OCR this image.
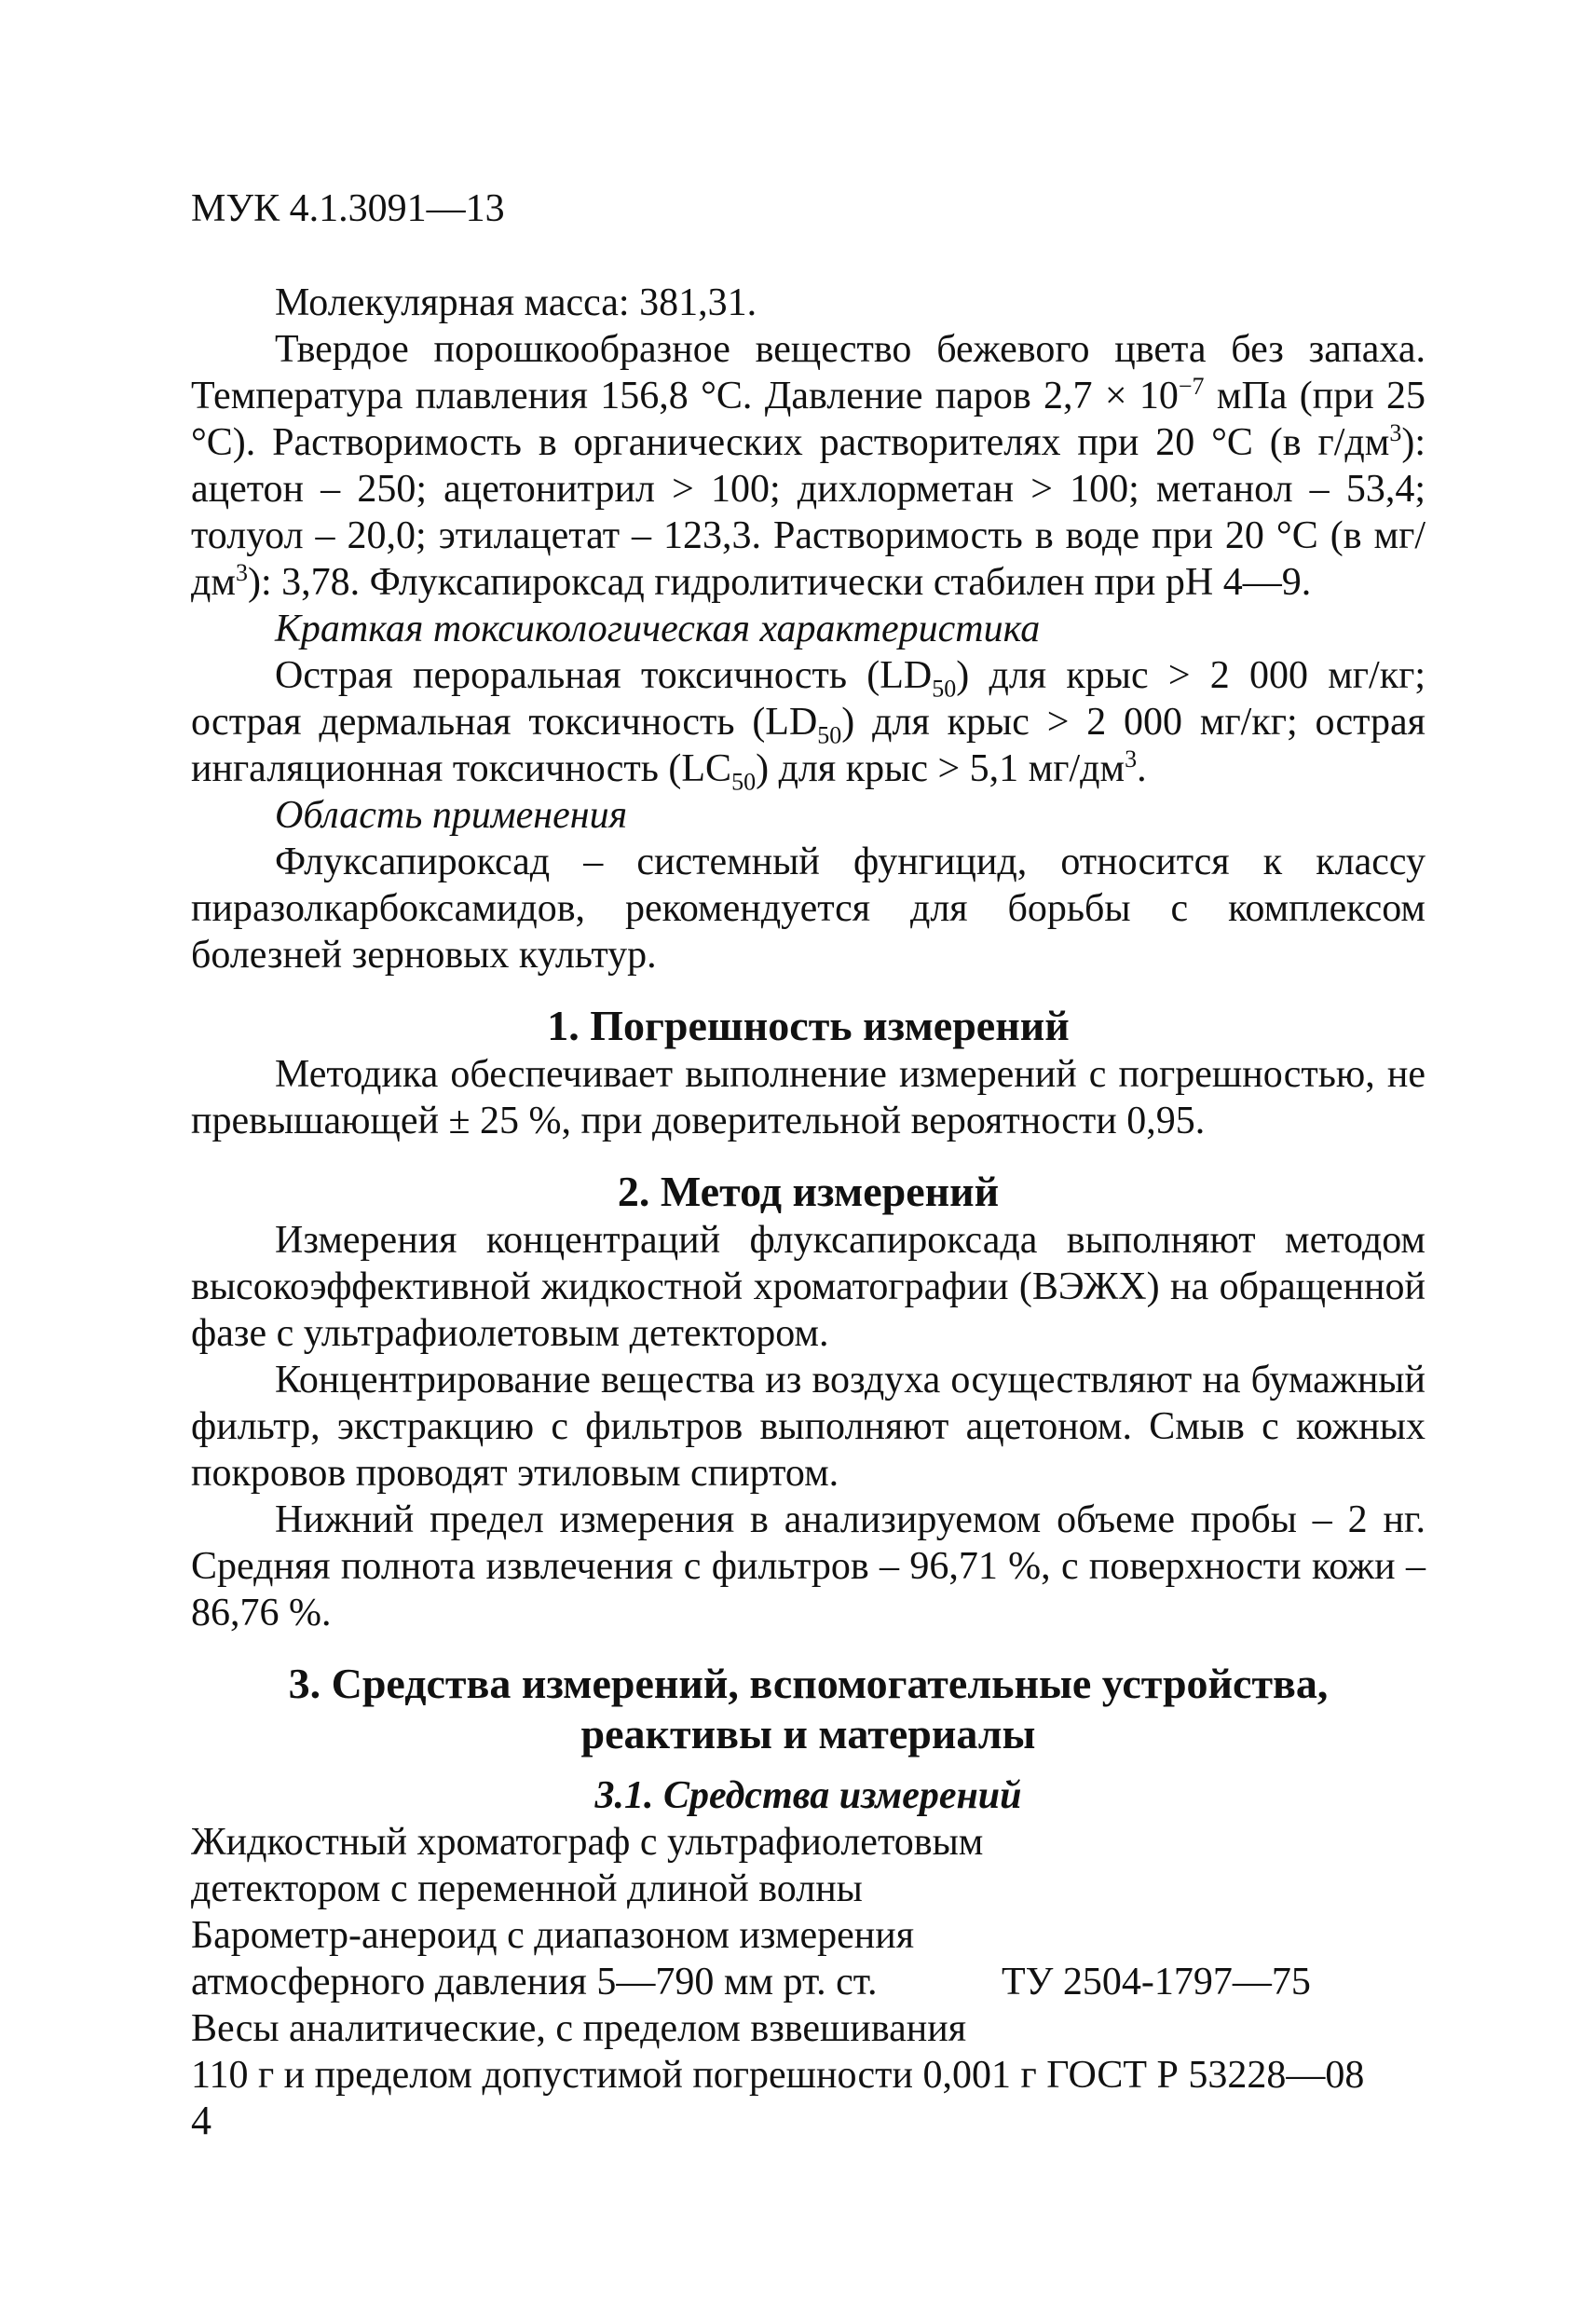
МУК 4.1.3091—13

Молекулярная масса: 381,31.

Твердое порошкообразное вещество бежевого цвета без запаха. Температура плавления 156,8 °С. Давление паров $2,7 \times 10^{-7}$ мПа (при 25 °С). Растворимость в органических растворителях при 20 °С (в $г/дм^3$): ацетон – 250; ацетонитрил > 100; дихлорметан > 100; метанол – 53,4; толуол – 20,0; этилацетат – 123,3. Растворимость в воде при 20 °С (в $мг/дм^3$): 3,78. Флуксапироксад гидролитически стабилен при рН 4—9.

Краткая токсикологическая характеристика

Острая пероральная токсичность $(LD_{50})$ для крыс > 2 000 мг/кг; острая дермальная токсичность $(LD_{50})$ для крыс > 2 000 мг/кг; острая ингаляционная токсичность $(LC_{50})$ для крыс > 5,1 $мг/дм^3$.

Область применения

Флуксапироксад – системный фунгицид, относится к классу пиразолкарбоксамидов, рекомендуется для борьбы с комплексом болезней зерновых культур.

1. Погрешность измерений

Методика обеспечивает выполнение измерений с погрешностью, не превышающей ± 25 %, при доверительной вероятности 0,95.

2. Метод измерений

Измерения концентраций флуксапироксада выполняют методом высокоэффективной жидкостной хроматографии (ВЭЖХ) на обращенной фазе с ультрафиолетовым детектором.

Концентрирование вещества из воздуха осуществляют на бумажный фильтр, экстракцию с фильтров выполняют ацетоном. Смыв с кожных покровов проводят этиловым спиртом.

Нижний предел измерения в анализируемом объеме пробы – 2 нг. Средняя полнота извлечения с фильтров – 96,71 %, с поверхности кожи – 86,76 %.

3. Средства измерений, вспомогательные устройства,

реактивы и материалы

3.1. Средства измерений

Жидкостный хроматограф с ультрафиолетовым
детектором с переменной длиной волны
Барометр-анероид с диапазоном измерения
атмосферного давления 5—790 мм рт. ст.	ТУ 2504-1797—75
Весы аналитические, с пределом взвешивания
110 г и пределом допустимой погрешности 0,001 г ГОСТ Р 53228—08
4
